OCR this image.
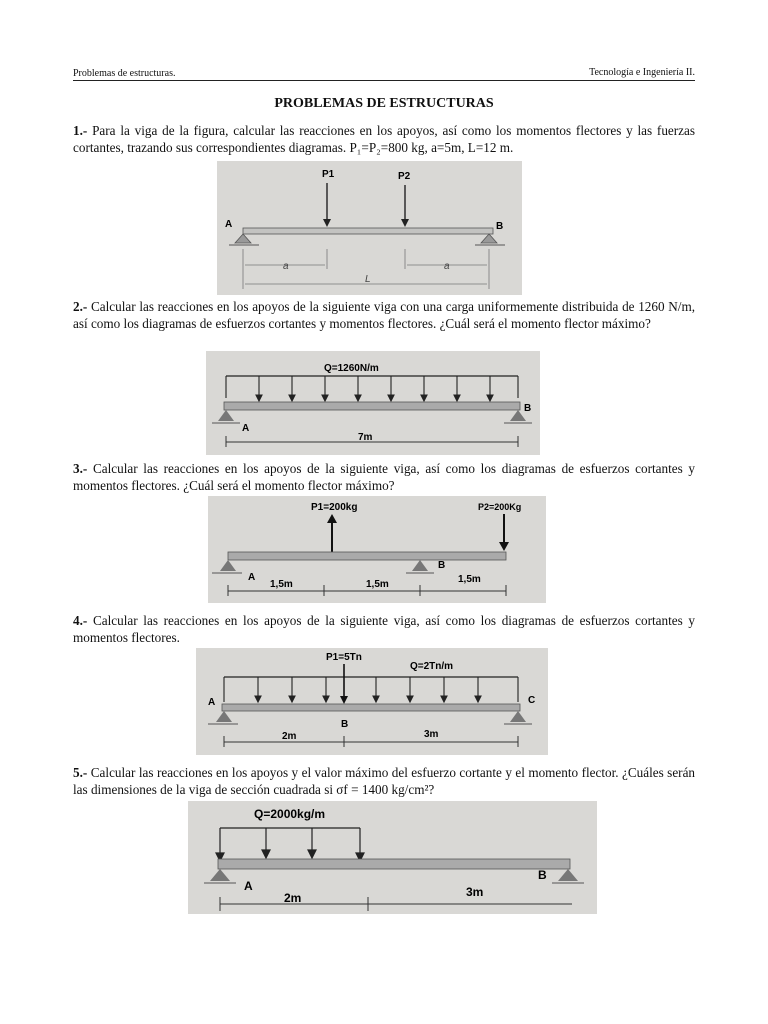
Problemas de estructuras.	Tecnología e Ingeniería II.
PROBLEMAS DE ESTRUCTURAS
1.- Para la viga de la figura, calcular las reacciones en los apoyos, así como los momentos flectores y las fuerzas cortantes, trazando sus correspondientes diagramas. P₁=P₂=800 kg, a=5m, L=12 m.
P1	P2
A	B
a	a
L
2.- Calcular las reacciones en los apoyos de la siguiente viga con una carga uniformemente distribuida de 1260 N/m, así como los diagramas de esfuerzos cortantes y momentos flectores. ¿Cuál será el momento flector máximo?
Q=1260N/m
A
B
7m
3.- Calcular las reacciones en los apoyos de la siguiente viga, así como los diagramas de esfuerzos cortantes y momentos flectores. ¿Cuál será el momento flector máximo?
P1=200kg	P2=200Kg
A
B
1,5m	1,5m	1,5m
4.- Calcular las reacciones en los apoyos de la siguiente viga, así como los diagramas de esfuerzos cortantes y momentos flectores.
P1=5Tn
Q=2Tn/m
A
B
C
2m	3m
5.- Calcular las reacciones en los apoyos y el valor máximo del esfuerzo cortante y el momento flector. ¿Cuáles serán las dimensiones de la viga de sección cuadrada si σf = 1400 kg/cm²?
Q=2000kg/m
A
B
2m	3m
